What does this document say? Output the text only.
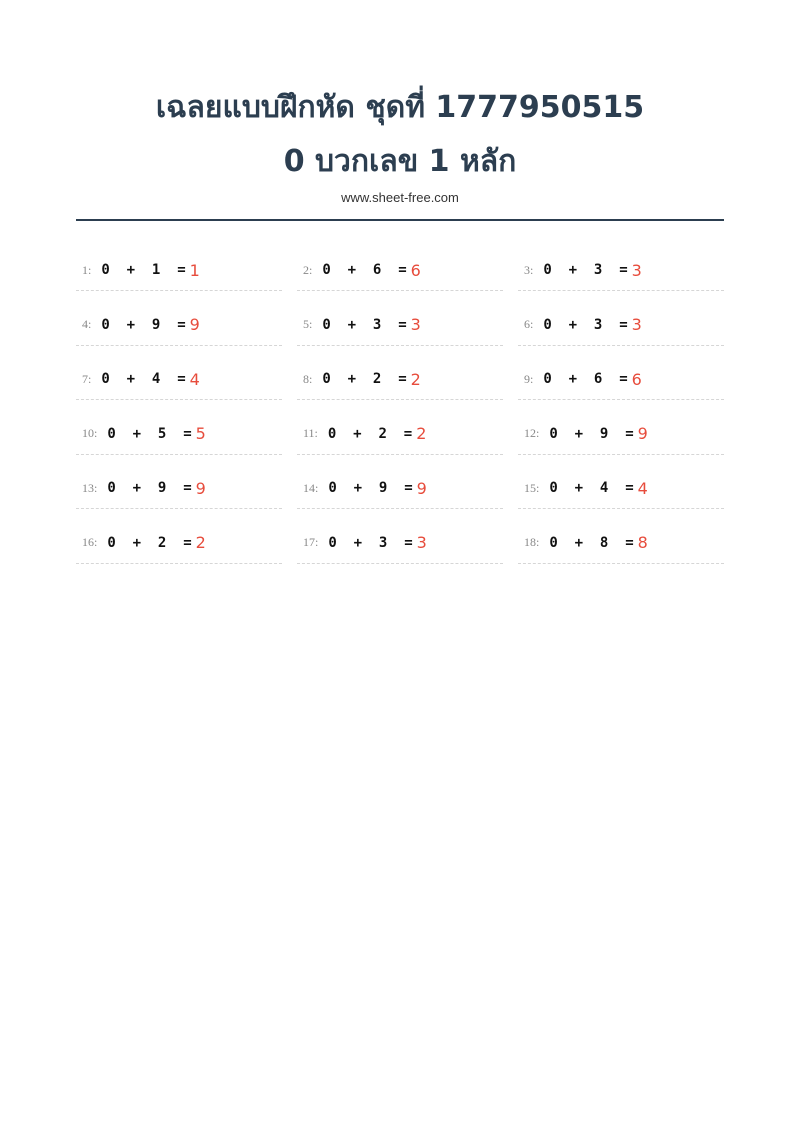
เฉลยแบบฝึกหัด ชุดที่ 1777950515
0 บวกเลข 1 หลัก
www.sheet-free.com
1: 0  +  1  = 1	2: 0  +  6  = 6	3: 0  +  3  = 3
4: 0  +  9  = 9	5: 0  +  3  = 3	6: 0  +  3  = 3
7: 0  +  4  = 4	8: 0  +  2  = 2	9: 0  +  6  = 6
10: 0  +  5  = 5	11: 0  +  2  = 2	12: 0  +  9  = 9
13: 0  +  9  = 9	14: 0  +  9  = 9	15: 0  +  4  = 4
16: 0  +  2  = 2	17: 0  +  3  = 3	18: 0  +  8  = 8
